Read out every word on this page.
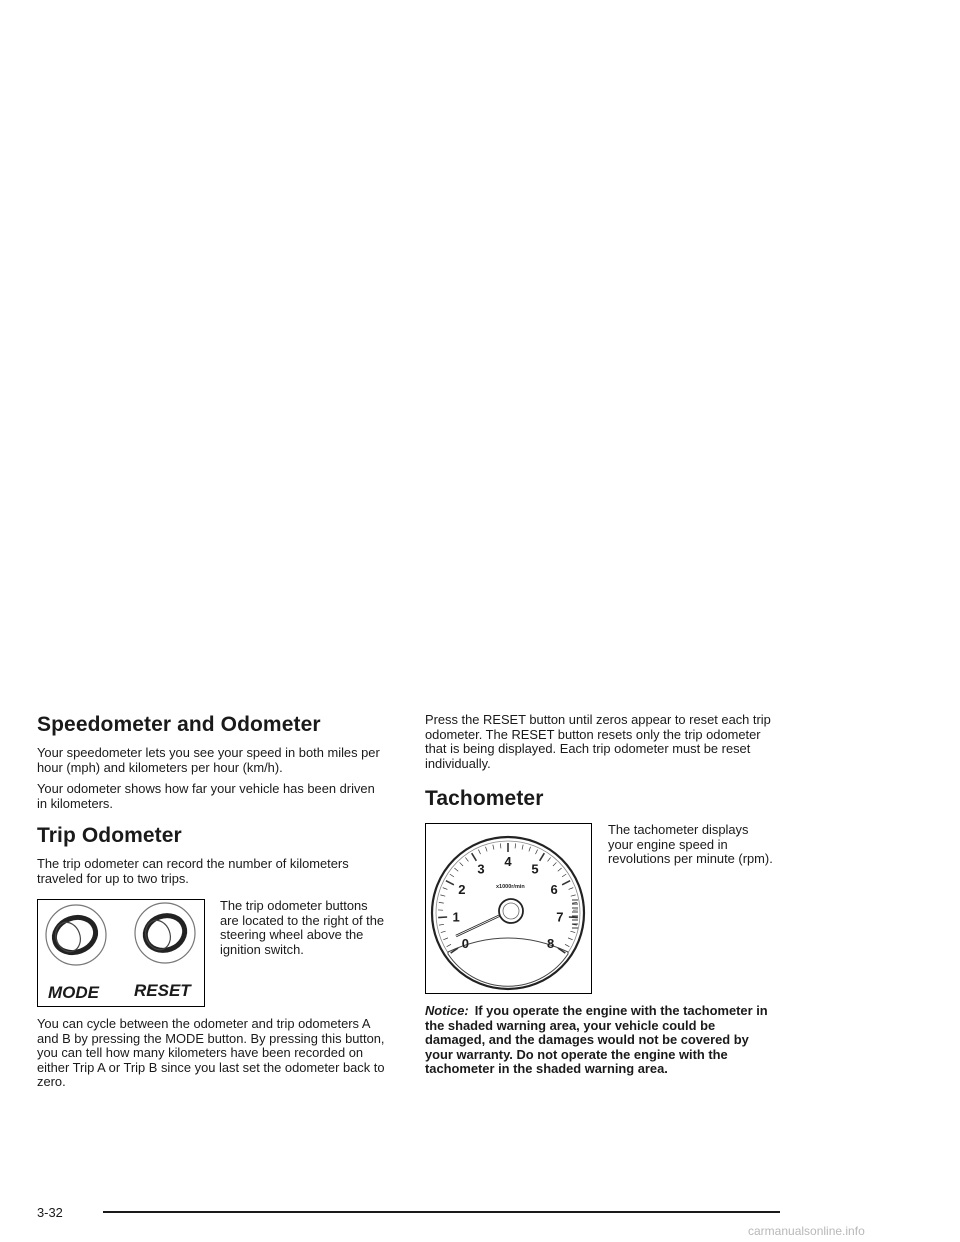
Speedometer and Odometer

Your speedometer lets you see your speed in both miles per hour (mph) and kilometers per hour (km/h).

Your odometer shows how far your vehicle has been driven in kilometers.

Trip Odometer

The trip odometer can record the number of kilometers traveled for up to two trips.

MODE RESET

The trip odometer buttons are located to the right of the steering wheel above the ignition switch.

You can cycle between the odometer and trip odometers A and B by pressing the MODE button. By pressing this button, you can tell how many kilometers have been recorded on either Trip A or Trip B since you last set the odometer back to zero.

Press the RESET button until zeros appear to reset each trip odometer. The RESET button resets only the trip odometer that is being displayed. Each trip odometer must be reset individually.

Tachometer
0
1
2
3
4
5
6
7
8
x1000r/min

The tachometer displays your engine speed in revolutions per minute (rpm).

Notice: If you operate the engine with the tachometer in the shaded warning area, your vehicle could be damaged, and the damages would not be covered by your warranty. Do not operate the engine with the tachometer in the shaded warning area.

3-32
carmanualsonline.info
